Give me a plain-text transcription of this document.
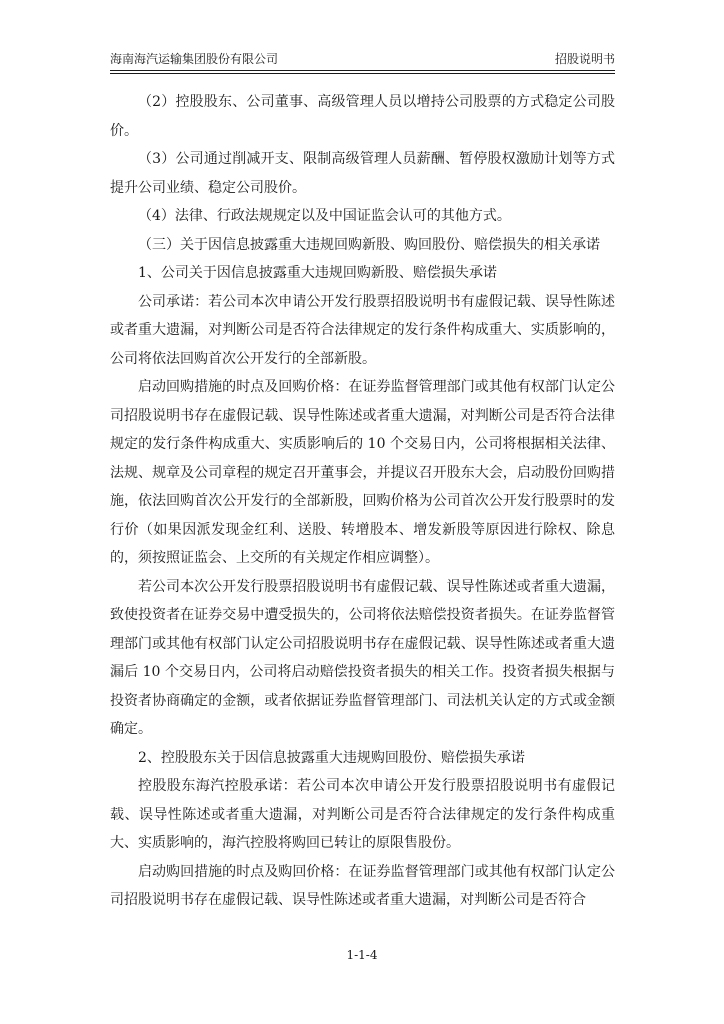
海南海汽运输集团股份有限公司	招股说明书

（2）控股股东、公司董事、高级管理人员以增持公司股票的方式稳定公司股价。

（3）公司通过削减开支、限制高级管理人员薪酬、暂停股权激励计划等方式提升公司业绩、稳定公司股价。

（4）法律、行政法规规定以及中国证监会认可的其他方式。

（三）关于因信息披露重大违规回购新股、购回股份、赔偿损失的相关承诺

1、公司关于因信息披露重大违规回购新股、赔偿损失承诺

公司承诺：若公司本次申请公开发行股票招股说明书有虚假记载、误导性陈述或者重大遗漏，对判断公司是否符合法律规定的发行条件构成重大、实质影响的，公司将依法回购首次公开发行的全部新股。

启动回购措施的时点及回购价格：在证券监督管理部门或其他有权部门认定公司招股说明书存在虚假记载、误导性陈述或者重大遗漏，对判断公司是否符合法律规定的发行条件构成重大、实质影响后的 10 个交易日内，公司将根据相关法律、法规、规章及公司章程的规定召开董事会，并提议召开股东大会，启动股份回购措施，依法回购首次公开发行的全部新股，回购价格为公司首次公开发行股票时的发行价（如果因派发现金红利、送股、转增股本、增发新股等原因进行除权、除息的，须按照证监会、上交所的有关规定作相应调整）。

若公司本次公开发行股票招股说明书有虚假记载、误导性陈述或者重大遗漏，致使投资者在证券交易中遭受损失的，公司将依法赔偿投资者损失。在证券监督管理部门或其他有权部门认定公司招股说明书存在虚假记载、误导性陈述或者重大遗漏后 10 个交易日内，公司将启动赔偿投资者损失的相关工作。投资者损失根据与投资者协商确定的金额，或者依据证券监督管理部门、司法机关认定的方式或金额确定。

2、控股股东关于因信息披露重大违规购回股份、赔偿损失承诺

控股股东海汽控股承诺：若公司本次申请公开发行股票招股说明书有虚假记载、误导性陈述或者重大遗漏，对判断公司是否符合法律规定的发行条件构成重大、实质影响的，海汽控股将购回已转让的原限售股份。

启动购回措施的时点及购回价格：在证券监督管理部门或其他有权部门认定公司招股说明书存在虚假记载、误导性陈述或者重大遗漏，对判断公司是否符合

1-1-4
